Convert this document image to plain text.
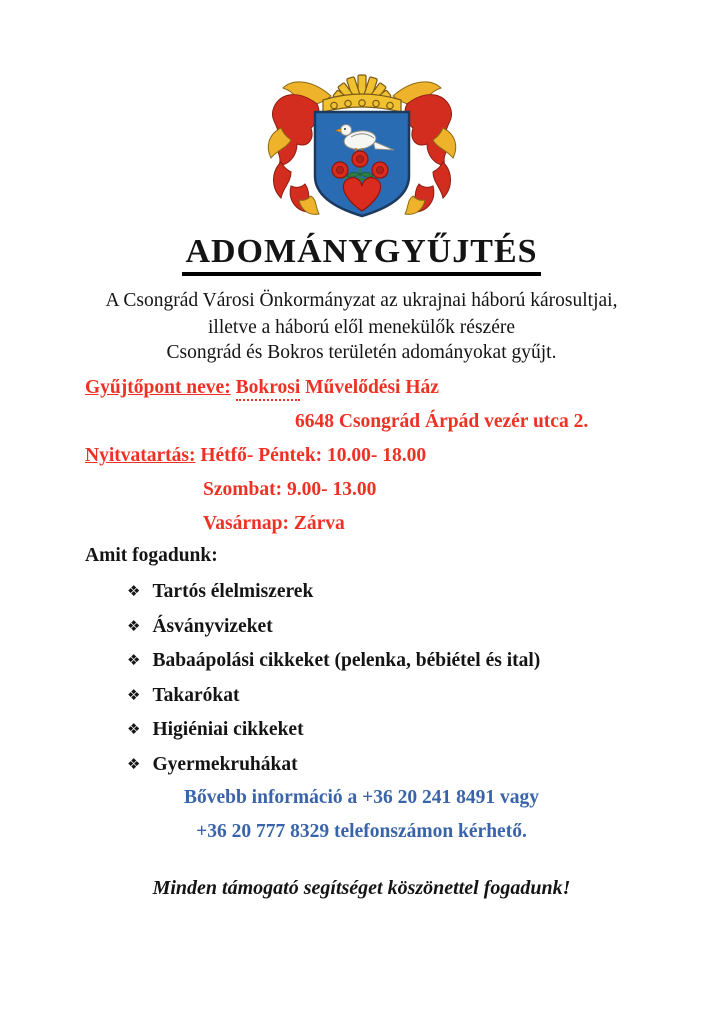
ADOMÁNYGYŰJTÉS

A Csongrád Városi Önkormányzat az ukrajnai háború károsultjai,
illetve a háború elől menekülők részére

Csongrád és Bokros területén adományokat gyűjt.

Gyűjtőpont neve: Bokrosi Művelődési Ház

6648 Csongrád Árpád vezér utca 2.

Nyitvatartás: Hétfő- Péntek: 10.00- 18.00

Szombat: 9.00- 13.00

Vasárnap: Zárva

Amit fogadunk:

❖ Tartós élelmiszerek
❖ Ásványvizeket
❖ Babaápolási cikkeket (pelenka, bébiétel és ital)
❖ Takarókat
❖ Higiéniai cikkeket
❖ Gyermekruhákat

Bővebb információ a +36 20 241 8491 vagy
+36 20 777 8329 telefonszámon kérhető.

Minden támogató segítséget köszönettel fogadunk!
